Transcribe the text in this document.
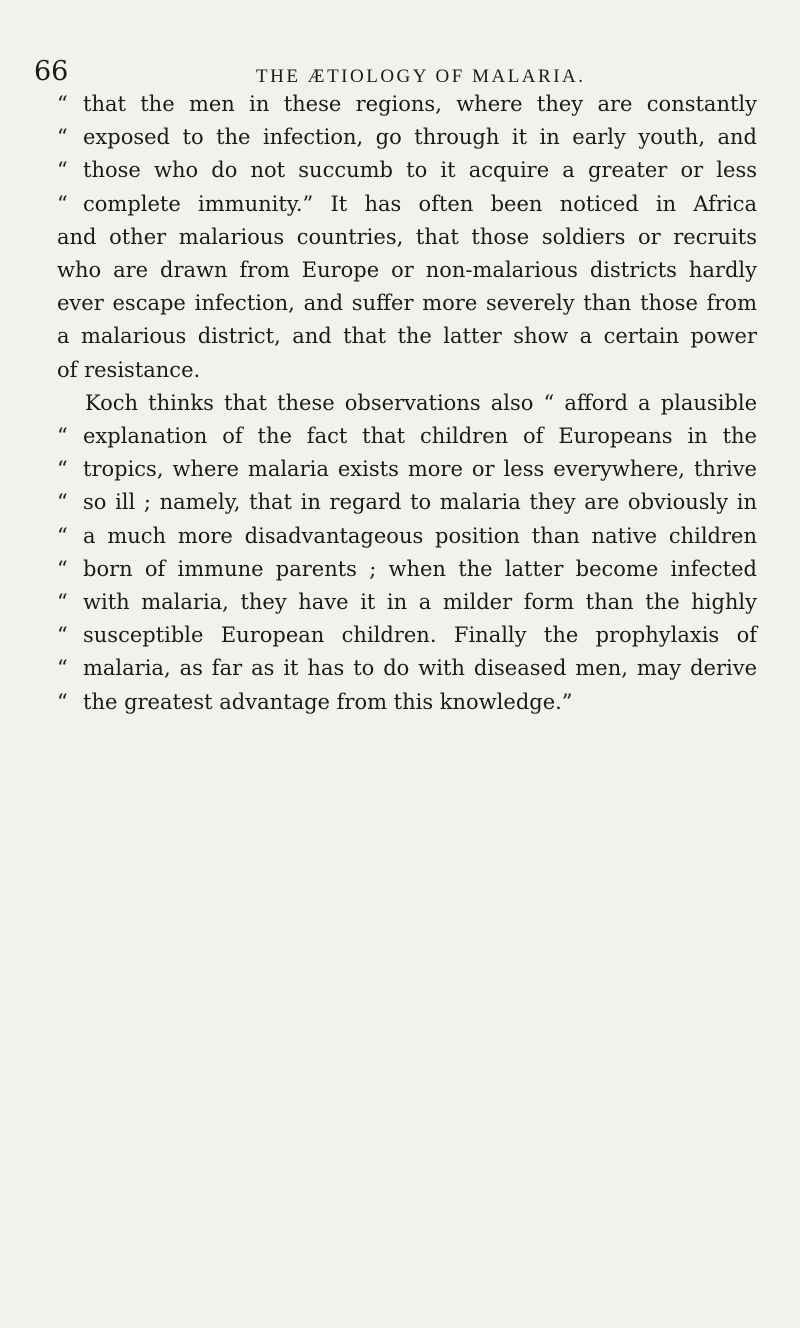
66	THE ÆTIOLOGY OF MALARIA.
“ that the men in these regions, where they are constantly
“ exposed to the infection, go through it in early youth, and
“ those who do not succumb to it acquire a greater or less
“ complete immunity.” It has often been noticed in Africa
and other malarious countries, that those soldiers or recruits
who are drawn from Europe or non-malarious districts hardly
ever escape infection, and suffer more severely than those from
a malarious district, and that the latter show a certain power
of resistance.
Koch thinks that these observations also “ afford a plausible
“ explanation of the fact that children of Europeans in the
“ tropics, where malaria exists more or less everywhere, thrive
“ so ill ; namely, that in regard to malaria they are obviously in
“ a much more disadvantageous position than native children
“ born of immune parents ; when the latter become infected
“ with malaria, they have it in a milder form than the highly
“ susceptible European children. Finally the prophylaxis of
“ malaria, as far as it has to do with diseased men, may derive
“ the greatest advantage from this knowledge.”
